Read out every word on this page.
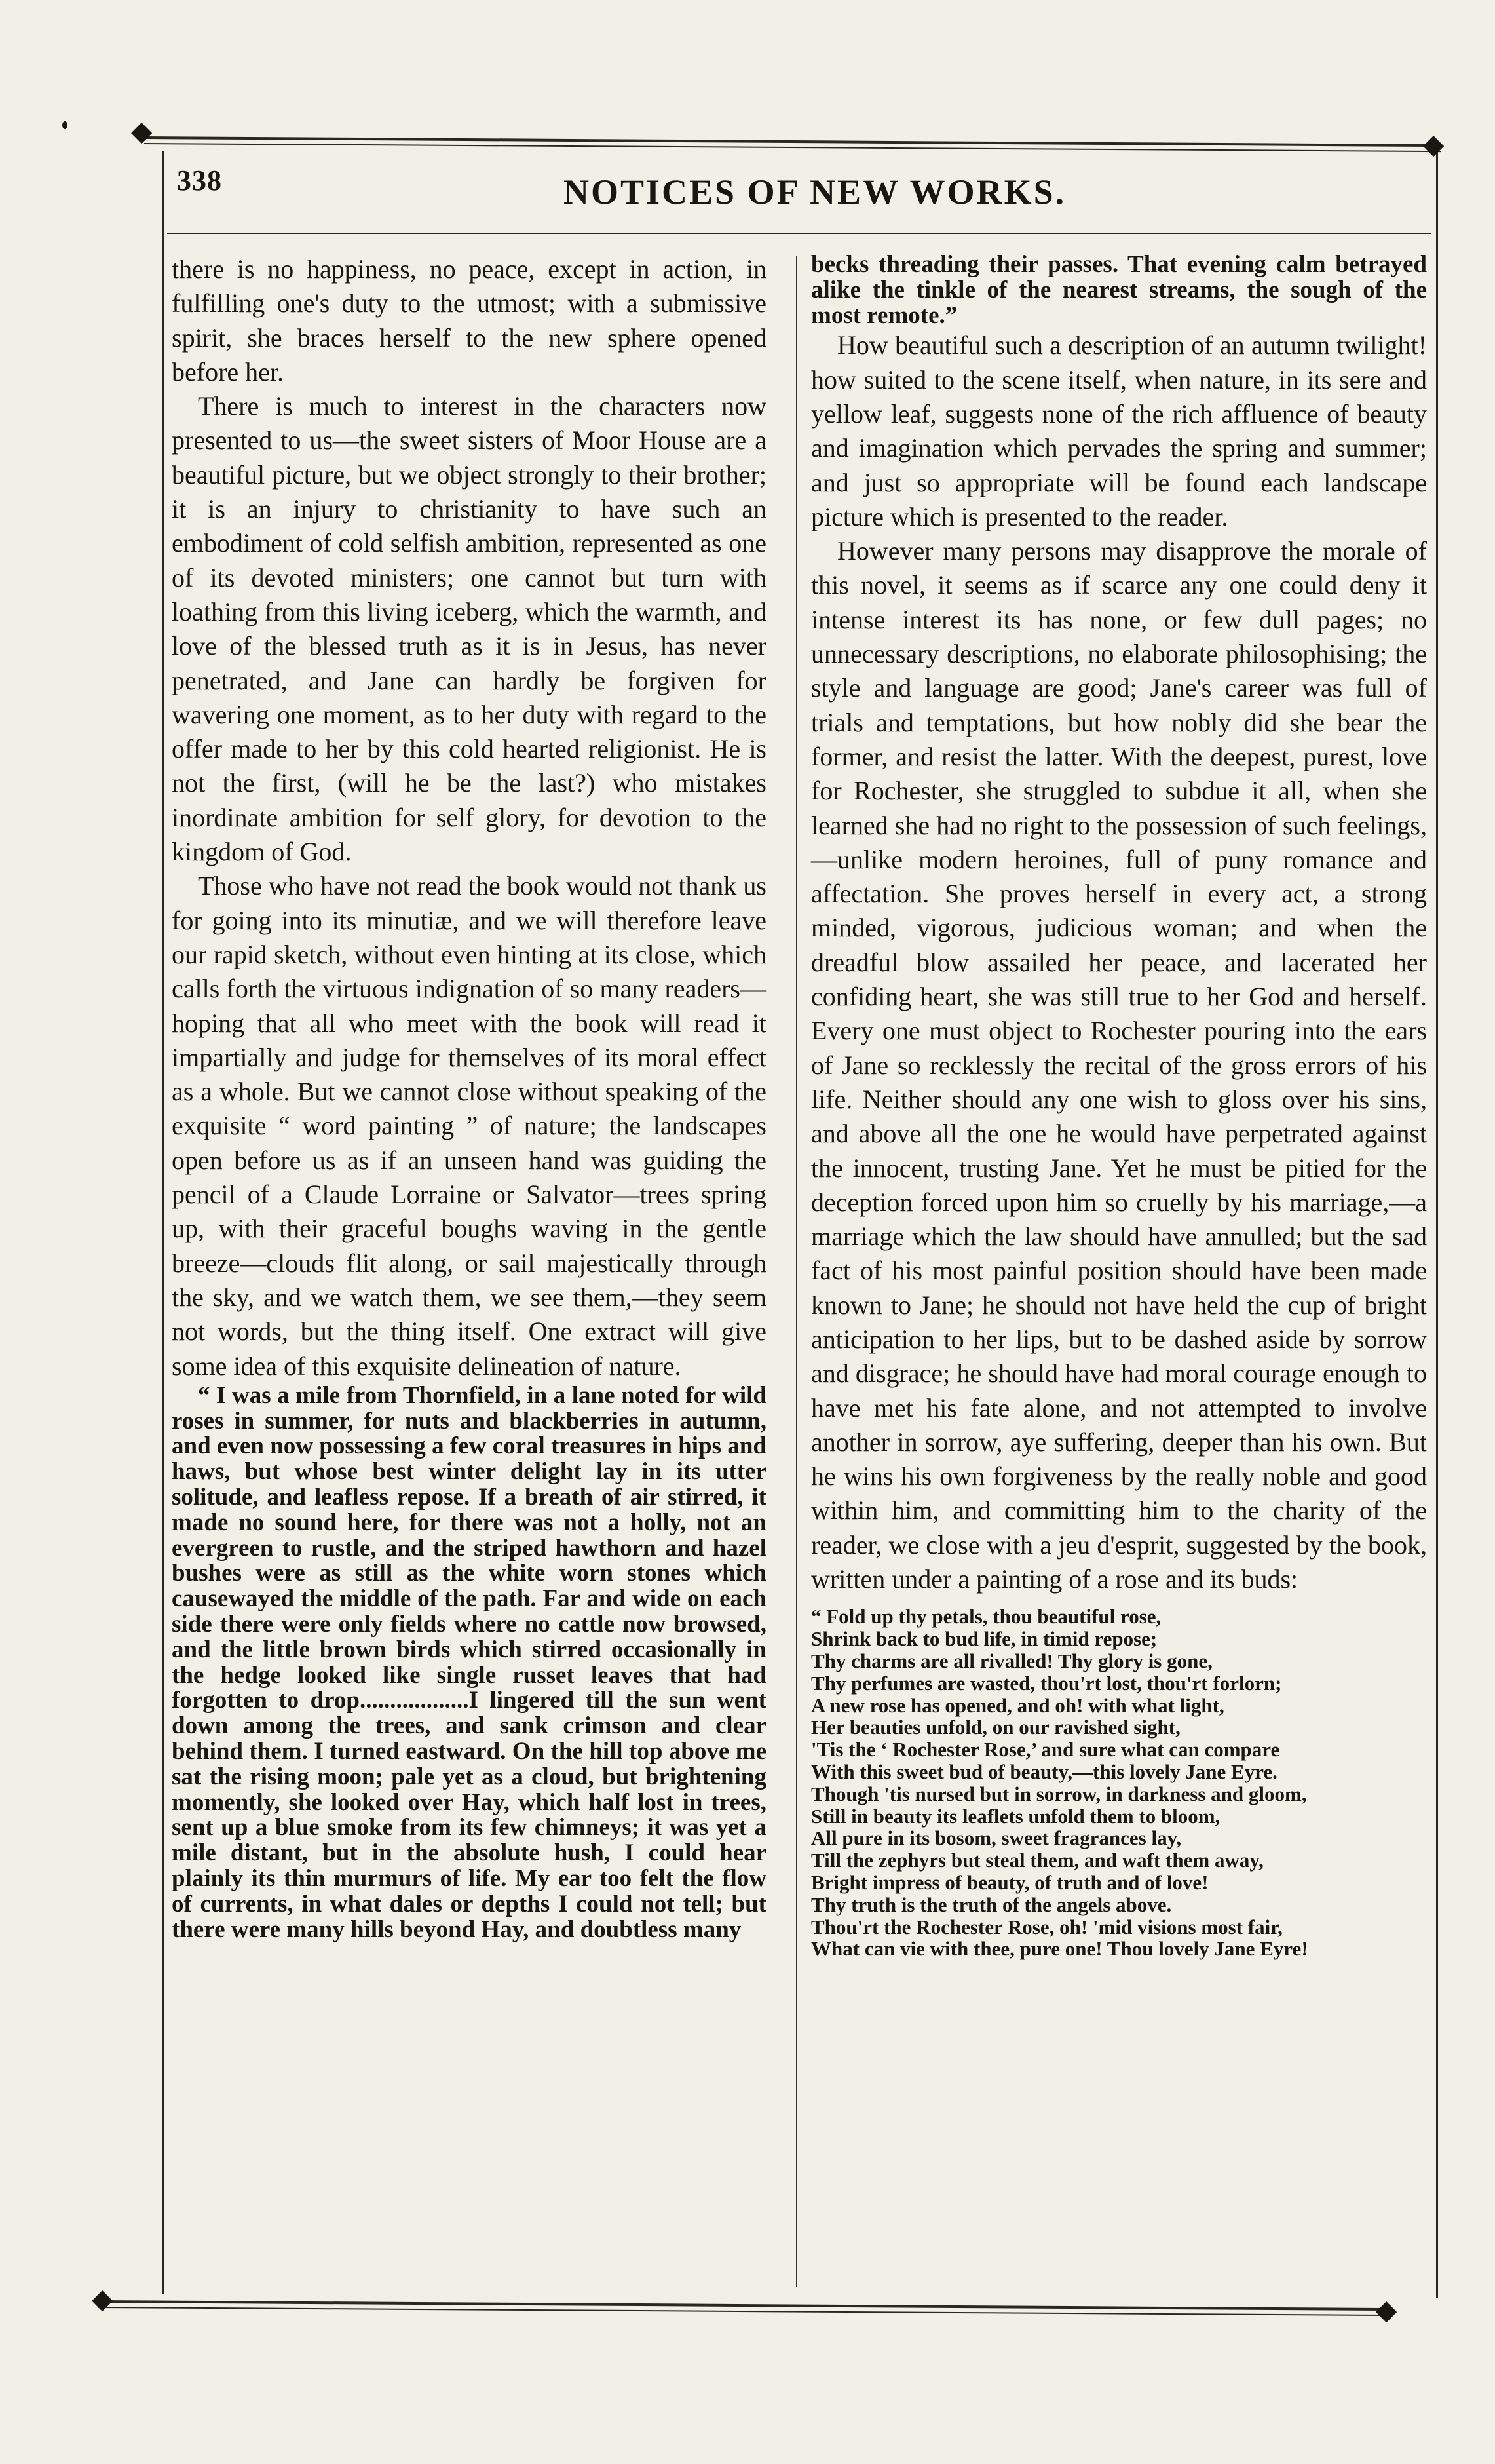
◆	◆
◆	◆
338	NOTICES OF NEW WORKS.

there is no happiness, no peace, except in action, in fulfilling one's duty to the utmost; with a submissive spirit, she braces herself to the new sphere opened before her.

There is much to interest in the characters now presented to us—the sweet sisters of Moor House are a beautiful picture, but we object strongly to their brother; it is an injury to christianity to have such an embodiment of cold selfish ambition, represented as one of its devoted ministers; one cannot but turn with loathing from this living iceberg, which the warmth, and love of the blessed truth as it is in Jesus, has never penetrated, and Jane can hardly be forgiven for wavering one moment, as to her duty with regard to the offer made to her by this cold hearted religionist. He is not the first, (will he be the last?) who mistakes inordinate ambition for self glory, for devotion to the kingdom of God.

Those who have not read the book would not thank us for going into its minutiæ, and we will therefore leave our rapid sketch, without even hinting at its close, which calls forth the virtuous indignation of so many readers—hoping that all who meet with the book will read it impartially and judge for themselves of its moral effect as a whole. But we cannot close without speaking of the exquisite “ word painting ” of nature; the landscapes open before us as if an unseen hand was guiding the pencil of a Claude Lorraine or Salvator—trees spring up, with their graceful boughs waving in the gentle breeze—clouds flit along, or sail majestically through the sky, and we watch them, we see them,—they seem not words, but the thing itself. One extract will give some idea of this exquisite delineation of nature.

“ I was a mile from Thornfield, in a lane noted for wild roses in summer, for nuts and blackberries in autumn, and even now possessing a few coral treasures in hips and haws, but whose best winter delight lay in its utter solitude, and leafless repose. If a breath of air stirred, it made no sound here, for there was not a holly, not an evergreen to rustle, and the striped hawthorn and hazel bushes were as still as the white worn stones which causewayed the middle of the path. Far and wide on each side there were only fields where no cattle now browsed, and the little brown birds which stirred occasionally in the hedge looked like single russet leaves that had forgotten to drop..................I lingered till the sun went down among the trees, and sank crimson and clear behind them. I turned eastward. On the hill top above me sat the rising moon; pale yet as a cloud, but brightening momently, she looked over Hay, which half lost in trees, sent up a blue smoke from its few chimneys; it was yet a mile distant, but in the absolute hush, I could hear plainly its thin murmurs of life. My ear too felt the flow of currents, in what dales or depths I could not tell; but there were many hills beyond Hay, and doubtless many

becks threading their passes. That evening calm betrayed alike the tinkle of the nearest streams, the sough of the most remote.”

How beautiful such a description of an autumn twilight! how suited to the scene itself, when nature, in its sere and yellow leaf, suggests none of the rich affluence of beauty and imagination which pervades the spring and summer; and just so appropriate will be found each landscape picture which is presented to the reader.

However many persons may disapprove the morale of this novel, it seems as if scarce any one could deny it intense interest its has none, or few dull pages; no unnecessary descriptions, no elaborate philosophising; the style and language are good; Jane's career was full of trials and temptations, but how nobly did she bear the former, and resist the latter. With the deepest, purest, love for Rochester, she struggled to subdue it all, when she learned she had no right to the possession of such feelings,—unlike modern heroines, full of puny romance and affectation. She proves herself in every act, a strong minded, vigorous, judicious woman; and when the dreadful blow assailed her peace, and lacerated her confiding heart, she was still true to her God and herself. Every one must object to Rochester pouring into the ears of Jane so recklessly the recital of the gross errors of his life. Neither should any one wish to gloss over his sins, and above all the one he would have perpetrated against the innocent, trusting Jane. Yet he must be pitied for the deception forced upon him so cruelly by his marriage,—a marriage which the law should have annulled; but the sad fact of his most painful position should have been made known to Jane; he should not have held the cup of bright anticipation to her lips, but to be dashed aside by sorrow and disgrace; he should have had moral courage enough to have met his fate alone, and not attempted to involve another in sorrow, aye suffering, deeper than his own. But he wins his own forgiveness by the really noble and good within him, and committing him to the charity of the reader, we close with a jeu d'esprit, suggested by the book, written under a painting of a rose and its buds:

“ Fold up thy petals, thou beautiful rose,
Shrink back to bud life, in timid repose;
Thy charms are all rivalled! Thy glory is gone,
Thy perfumes are wasted, thou'rt lost, thou'rt forlorn;
A new rose has opened, and oh! with what light,
Her beauties unfold, on our ravished sight,
'Tis the ‘ Rochester Rose,’ and sure what can compare
With this sweet bud of beauty,—this lovely Jane Eyre.
Though 'tis nursed but in sorrow, in darkness and gloom,
Still in beauty its leaflets unfold them to bloom,
All pure in its bosom, sweet fragrances lay,
Till the zephyrs but steal them, and waft them away,
Bright impress of beauty, of truth and of love!
Thy truth is the truth of the angels above.
Thou'rt the Rochester Rose, oh! 'mid visions most fair,
What can vie with thee, pure one! Thou lovely Jane Eyre!
